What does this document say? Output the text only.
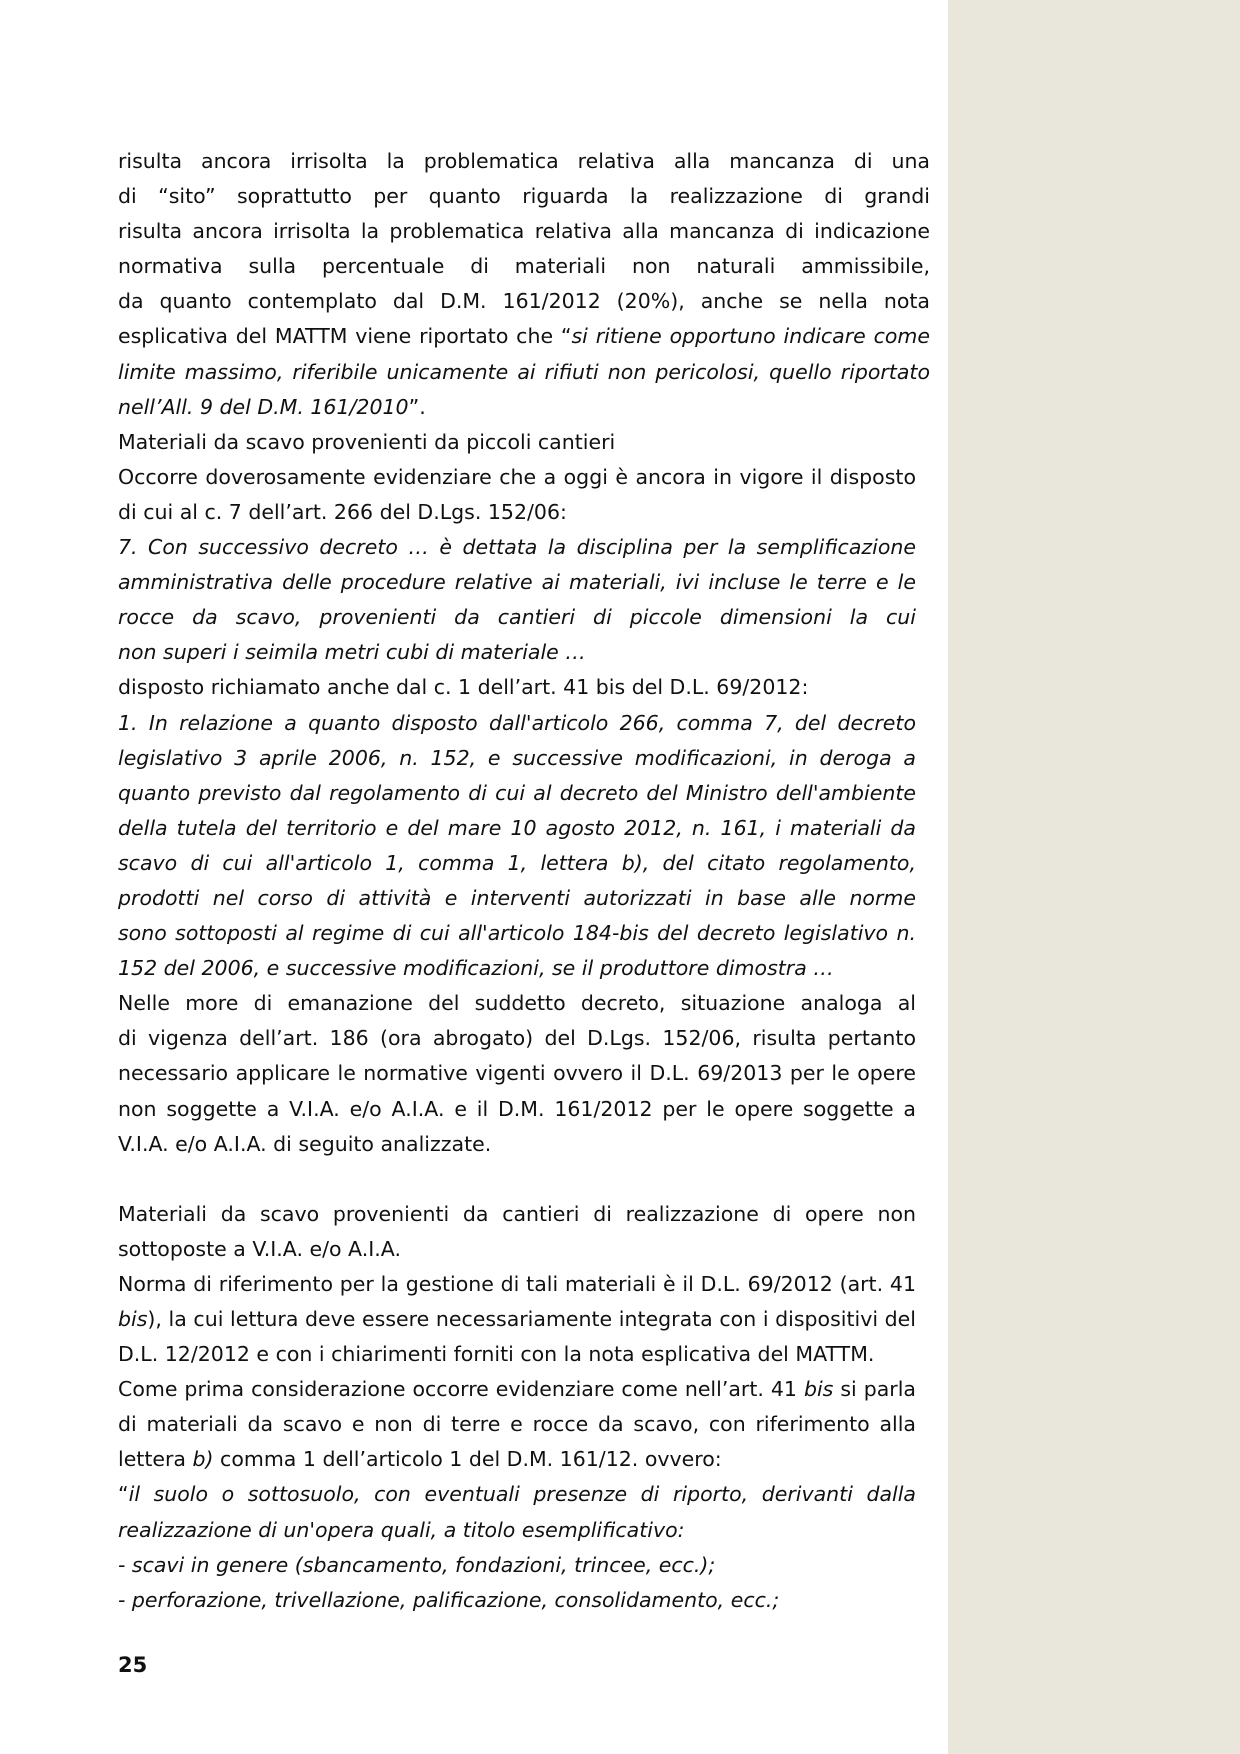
risulta ancora irrisolta la problematica relativa alla mancanza di una
di “sito” soprattutto per quanto riguarda la realizzazione di grandi
risulta ancora irrisolta la problematica relativa alla mancanza di indicazione
normativa sulla percentuale di materiali non naturali ammissibile,
da quanto contemplato dal D.M. 161/2012 (20%), anche se nella nota
esplicativa del MATTM viene riportato che “si ritiene opportuno indicare come
limite massimo, riferibile unicamente ai rifiuti non pericolosi, quello riportato
nell’All. 9 del D.M. 161/2010”.
Materiali da scavo provenienti da piccoli cantieri
Occorre doverosamente evidenziare che a oggi è ancora in vigore il disposto
di cui al c. 7 dell’art. 266 del D.Lgs. 152/06:
7. Con successivo decreto … è dettata la disciplina per la semplificazione
amministrativa delle procedure relative ai materiali, ivi incluse le terre e le
rocce da scavo, provenienti da cantieri di piccole dimensioni la cui
non superi i seimila metri cubi di materiale …
disposto richiamato anche dal c. 1 dell’art. 41 bis del D.L. 69/2012:
1. In relazione a quanto disposto dall'articolo 266, comma 7, del decreto
legislativo 3 aprile 2006, n. 152, e successive modificazioni, in deroga a
quanto previsto dal regolamento di cui al decreto del Ministro dell'ambiente
della tutela del territorio e del mare 10 agosto 2012, n. 161, i materiali da
scavo di cui all'articolo 1, comma 1, lettera b), del citato regolamento,
prodotti nel corso di attività e interventi autorizzati in base alle norme
sono sottoposti al regime di cui all'articolo 184-bis del decreto legislativo n.
152 del 2006, e successive modificazioni, se il produttore dimostra …
Nelle more di emanazione del suddetto decreto, situazione analoga al
di vigenza dell’art. 186 (ora abrogato) del D.Lgs. 152/06, risulta pertanto
necessario applicare le normative vigenti ovvero il D.L. 69/2013 per le opere
non soggette a V.I.A. e/o A.I.A. e il D.M. 161/2012 per le opere soggette a
V.I.A. e/o A.I.A. di seguito analizzate.
Materiali da scavo provenienti da cantieri di realizzazione di opere non
sottoposte a V.I.A. e/o A.I.A.
Norma di riferimento per la gestione di tali materiali è il D.L. 69/2012 (art. 41
bis), la cui lettura deve essere necessariamente integrata con i dispositivi del
D.L. 12/2012 e con i chiarimenti forniti con la nota esplicativa del MATTM.
Come prima considerazione occorre evidenziare come nell’art. 41 bis si parla
di materiali da scavo e non di terre e rocce da scavo, con riferimento alla
lettera b) comma 1 dell’articolo 1 del D.M. 161/12. ovvero:
“il suolo o sottosuolo, con eventuali presenze di riporto, derivanti dalla
realizzazione di un'opera quali, a titolo esemplificativo:
- scavi in genere (sbancamento, fondazioni, trincee, ecc.);
- perforazione, trivellazione, palificazione, consolidamento, ecc.;
25
